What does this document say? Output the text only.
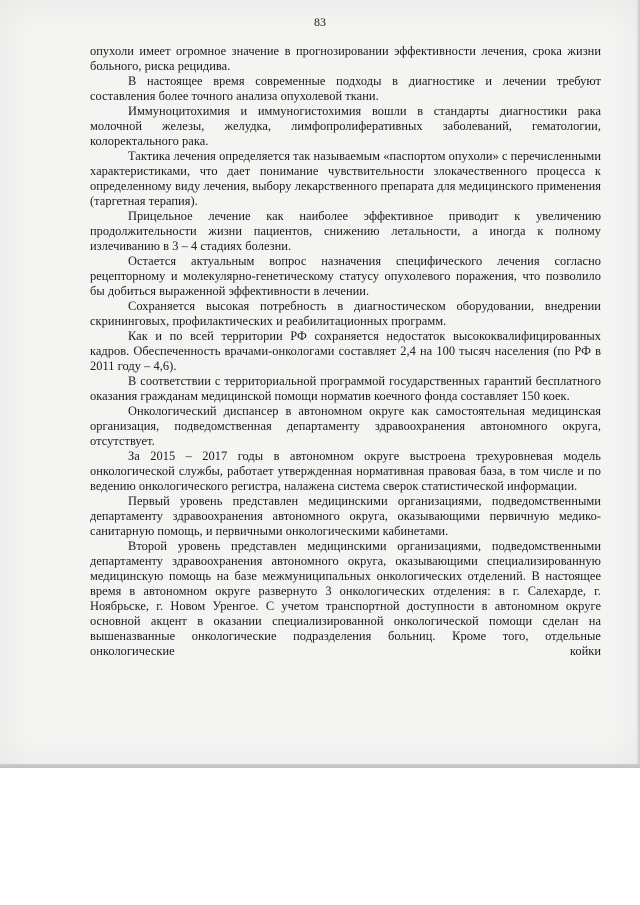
83

опухоли имеет огромное значение в прогнозировании эффективности лечения, срока жизни больного, риска рецидива.

В настоящее время современные подходы в диагностике и лечении требуют составления более точного анализа опухолевой ткани.

Иммуноцитохимия и иммуногистохимия вошли в стандарты диагностики рака молочной железы, желудка, лимфопролиферативных заболеваний, гематологии, колоректального рака.

Тактика лечения определяется так называемым «паспортом опухоли» с перечисленными характеристиками, что дает понимание чувствительности злокачественного процесса к определенному виду лечения, выбору лекарственного препарата для медицинского применения (таргетная терапия).

Прицельное лечение как наиболее эффективное приводит к увеличению продолжительности жизни пациентов, снижению летальности, а иногда к полному излечиванию в 3 – 4 стадиях болезни.

Остается актуальным вопрос назначения специфического лечения согласно рецепторному и молекулярно-генетическому статусу опухолевого поражения, что позволило бы добиться выраженной эффективности в лечении.

Сохраняется высокая потребность в диагностическом оборудовании, внедрении скрининговых, профилактических и реабилитационных программ.

Как и по всей территории РФ сохраняется недостаток высококвалифицированных кадров. Обеспеченность врачами-онкологами составляет 2,4 на 100 тысяч населения (по РФ в 2011 году – 4,6).

В соответствии с территориальной программой государственных гарантий бесплатного оказания гражданам медицинской помощи норматив коечного фонда составляет 150 коек.

Онкологический диспансер в автономном округе как самостоятельная медицинская организация, подведомственная департаменту здравоохранения автономного округа, отсутствует.

За 2015 – 2017 годы в автономном округе выстроена трехуровневая модель онкологической службы, работает утвержденная нормативная правовая база, в том числе и по ведению онкологического регистра, налажена система сверок статистической информации.

Первый уровень представлен медицинскими организациями, подведомственными департаменту здравоохранения автономного округа, оказывающими первичную медико-санитарную помощь, и первичными онкологическими кабинетами.

Второй уровень представлен медицинскими организациями, подведомственными департаменту здравоохранения автономного округа, оказывающими специализированную медицинскую помощь на базе межмуниципальных онкологических отделений. В настоящее время в автономном округе развернуто 3 онкологических отделения: в г. Салехарде, г. Ноябрьске, г. Новом Уренгое. С учетом транспортной доступности в автономном округе основной акцент в оказании специализированной онкологической помощи сделан на вышеназванные онкологические подразделения больниц. Кроме того, отдельные онкологические койки
